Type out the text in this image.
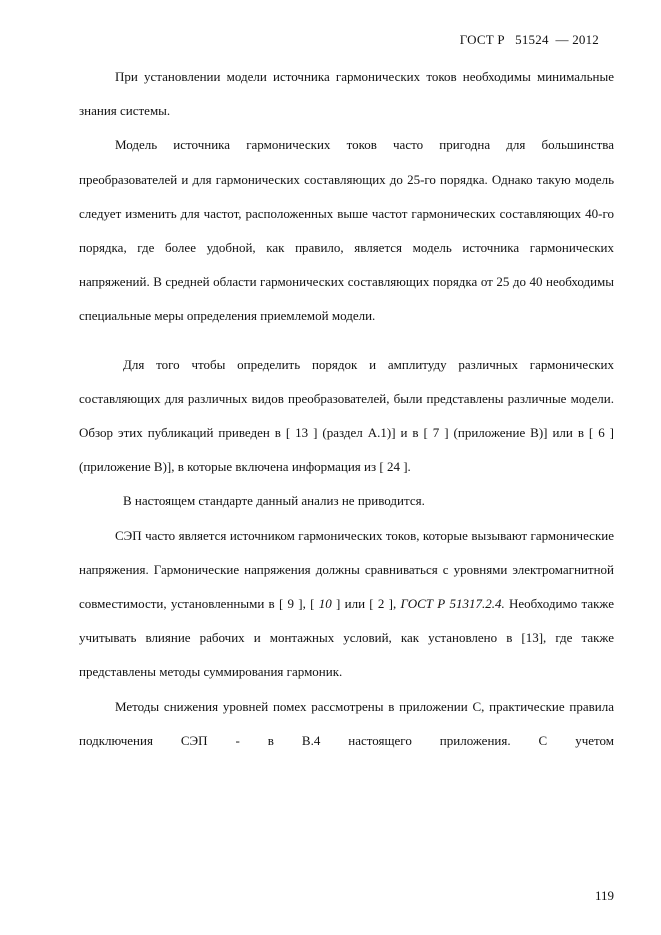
ГОСТ Р   51524  — 2012

При установлении модели источника гармонических токов необходимы минимальные знания системы.

Модель источника гармонических токов часто пригодна для большинства преобразователей и для гармонических составляющих до 25-го порядка. Однако такую модель следует изменить для частот, расположенных выше частот гармонических составляющих 40-го порядка, где более удобной, как правило, является модель источника гармонических напряжений. В средней области гармонических составляющих порядка от 25 до 40 необходимы специальные меры определения приемлемой модели.

Для того чтобы определить порядок и амплитуду различных гармонических составляющих для различных видов преобразователей, были представлены различные модели. Обзор этих публикаций приведен в [ 13 ] (раздел А.1)] и в [ 7 ] (приложение В)] или в [ 6 ] (приложение В)], в которые включена информация из [ 24 ].

В настоящем стандарте данный анализ не приводится.

СЭП часто является источником гармонических токов, которые вызывают гармонические напряжения. Гармонические напряжения должны сравниваться с уровнями электромагнитной совместимости, установленными в [ 9 ], [ 10 ] или [ 2 ], ГОСТ Р 51317.2.4. Необходимо также учитывать влияние рабочих и монтажных условий, как установлено в [13], где также представлены методы суммирования гармоник.

Методы снижения уровней помех рассмотрены в приложении С, практические правила подключения СЭП - в В.4 настоящего приложения. С учетом

119
